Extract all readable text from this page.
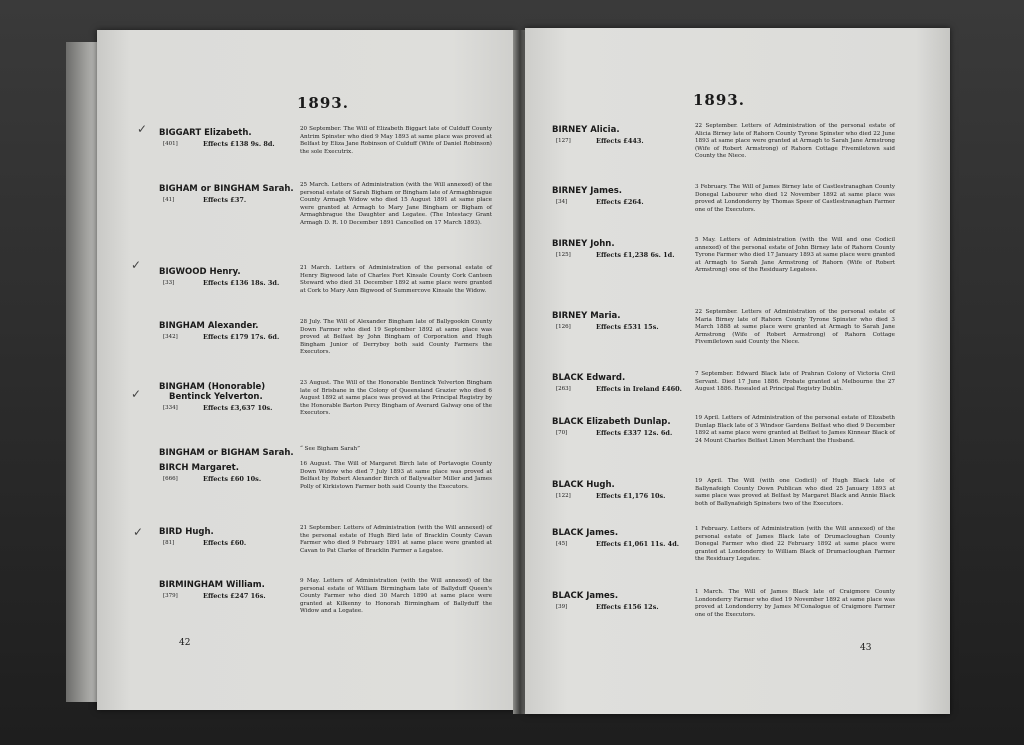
1893.
BIGGART Elizabeth.
[401]	Effects £138 9s. 8d.
20 September. The Will of Elizabeth Biggart late of Culduff County Antrim Spinster who died 9 May 1893 at same place was proved at Belfast by Eliza Jane Robinson of Culduff (Wife of Daniel Robinson) the sole Executrix.
BIGHAM or BINGHAM Sarah.
[41]	Effects £37.
25 March. Letters of Administration (with the Will annexed) of the personal estate of Sarah Bigham or Bingham late of Armaghbrague County Armagh Widow who died 15 August 1891 at same place were granted at Armagh to Mary Jane Bingham or Bigham of Armaghbrague the Daughter and Legatee. (The Intestacy Grant Armagh D. R. 10 December 1891 Cancelled on 17 March 1893).
BIGWOOD Henry.
[33]	Effects £136 18s. 3d.
21 March. Letters of Administration of the personal estate of Henry Bigwood late of Charles Fort Kinsale County Cork Canteen Steward who died 31 December 1892 at same place were granted at Cork to Mary Ann Bigwood of Summercove Kinsale the Widow.
BINGHAM Alexander.
[342]	Effects £179 17s. 6d.
28 July. The Will of Alexander Bingham late of Ballygookin County Down Farmer who died 19 September 1892 at same place was proved at Belfast by John Bingham of Corporation and Hugh Bingham Junior of Derryboy both said County Farmers the Executors.
BINGHAM (Honorable)
Bentinck Yelverton.
[334]	Effects £3,637 10s.
23 August. The Will of the Honorable Bentinck Yelverton Bingham late of Brisbane in the Colony of Queensland Grazier who died 6 August 1892 at same place was proved at the Principal Registry by the Honorable Barton Percy Bingham of Averard Galway one of the Executors.
BINGHAM or BIGHAM Sarah. “ See Bigham Sarah”
BIRCH Margaret.
[666]	Effects £60 10s.
16 August. The Will of Margaret Birch late of Portavogie County Down Widow who died 7 July 1893 at same place was proved at Belfast by Robert Alexander Birch of Ballywalter Miller and James Polly of Kirkistown Farmer both said County the Executors.
BIRD Hugh.
[81]	Effects £60.
21 September. Letters of Administration (with the Will annexed) of the personal estate of Hugh Bird late of Bracklin County Cavan Farmer who died 9 February 1891 at same place were granted at Cavan to Pat Clarke of Bracklin Farmer a Legatee.
BIRMINGHAM William.
[379]	Effects £247 16s.
9 May. Letters of Administration (with the Will annexed) of the personal estate of William Birmingham late of Ballyduff Queen's County Farmer who died 30 March 1890 at same place were granted at Kilkenny to Honorah Birmingham of Ballyduff the Widow and a Legatee.
42
✓
✓
✓
✓
1893.
BIRNEY Alicia.
[127]	Effects £443.
22 September. Letters of Administration of the personal estate of Alicia Birney late of Rahorn County Tyrone Spinster who died 22 June 1893 at same place were granted at Armagh to Sarah Jane Armstrong (Wife of Robert Armstrong) of Rahorn Cottage Fivemiletown said County the Niece.
BIRNEY James.
[34]	Effects £264.
3 February. The Will of James Birney late of Castlestranaghan County Donegal Labourer who died 12 November 1892 at same place was proved at Londonderry by Thomas Speer of Castlestranaghan Farmer one of the Executors.
BIRNEY John.
[125]	Effects £1,238 6s. 1d.
5 May. Letters of Administration (with the Will and one Codicil annexed) of the personal estate of John Birney late of Rahorn County Tyrone Farmer who died 17 January 1893 at same place were granted at Armagh to Sarah Jane Armstrong of Rahorn (Wife of Robert Armstrong) one of the Residuary Legatees.
BIRNEY Maria.
[126]	Effects £531 15s.
22 September. Letters of Administration of the personal estate of Maria Birney late of Rahorn County Tyrone Spinster who died 3 March 1888 at same place were granted at Armagh to Sarah Jane Armstrong (Wife of Robert Armstrong) of Rahorn Cottage Fivemiletown said County the Niece.
BLACK Edward.
[263]	Effects in Ireland £460.
7 September. Edward Black late of Prahran Colony of Victoria Civil Servant. Died 17 June 1886. Probate granted at Melbourne the 27 August 1886. Resealed at Principal Registry Dublin.
BLACK Elizabeth Dunlap.
[70]	Effects £337 12s. 6d.
19 April. Letters of Administration of the personal estate of Elizabeth Dunlap Black late of 3 Windsor Gardens Belfast who died 9 December 1892 at same place were granted at Belfast to James Kinnear Black of 24 Mount Charles Belfast Linen Merchant the Husband.
BLACK Hugh.
[122]	Effects £1,176 10s.
19 April. The Will (with one Codicil) of Hugh Black late of Ballynafeigh County Down Publican who died 25 January 1893 at same place was proved at Belfast by Margaret Black and Annie Black both of Ballynafeigh Spinsters two of the Executors.
BLACK James.
[45]	Effects £1,061 11s. 4d.
1 February. Letters of Administration (with the Will annexed) of the personal estate of James Black late of Drumacloughan County Donegal Farmer who died 22 February 1892 at same place were granted at Londonderry to William Black of Drumacloughan Farmer the Residuary Legatee.
BLACK James.
[39]	Effects £156 12s.
1 March. The Will of James Black late of Craigmore County Londonderry Farmer who died 19 November 1892 at same place was proved at Londonderry by James M'Conalogue of Craigmore Farmer one of the Executors.
43
